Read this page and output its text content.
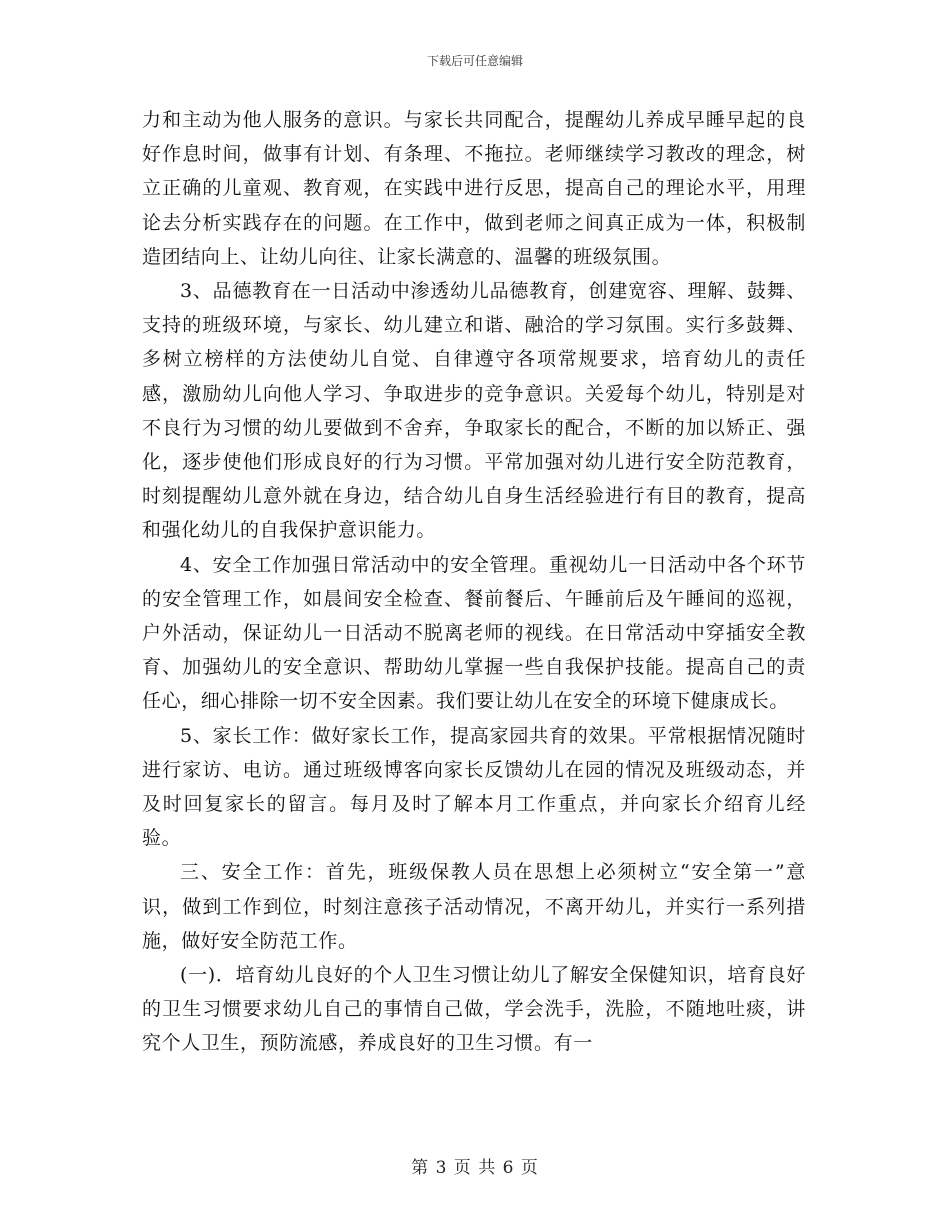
下载后可任意编辑

力和主动为他人服务的意识。与家长共同配合，提醒幼儿养成早睡早起的良好作息时间，做事有计划、有条理、不拖拉。老师继续学习教改的理念，树立正确的儿童观、教育观，在实践中进行反思，提高自己的理论水平，用理论去分析实践存在的问题。在工作中，做到老师之间真正成为一体，积极制造团结向上、让幼儿向往、让家长满意的、温馨的班级氛围。

3、品德教育在一日活动中渗透幼儿品德教育，创建宽容、理解、鼓舞、支持的班级环境，与家长、幼儿建立和谐、融洽的学习氛围。实行多鼓舞、多树立榜样的方法使幼儿自觉、自律遵守各项常规要求，培育幼儿的责任感，激励幼儿向他人学习、争取进步的竞争意识。关爱每个幼儿，特别是对不良行为习惯的幼儿要做到不舍弃，争取家长的配合，不断的加以矫正、强化，逐步使他们形成良好的行为习惯。平常加强对幼儿进行安全防范教育，时刻提醒幼儿意外就在身边，结合幼儿自身生活经验进行有目的教育，提高和强化幼儿的自我保护意识能力。

4、安全工作加强日常活动中的安全管理。重视幼儿一日活动中各个环节的安全管理工作，如晨间安全检查、餐前餐后、午睡前后及午睡间的巡视，户外活动，保证幼儿一日活动不脱离老师的视线。在日常活动中穿插安全教育、加强幼儿的安全意识、帮助幼儿掌握一些自我保护技能。提高自己的责任心，细心排除一切不安全因素。我们要让幼儿在安全的环境下健康成长。

5、家长工作：做好家长工作，提高家园共育的效果。平常根据情况随时进行家访、电访。通过班级博客向家长反馈幼儿在园的情况及班级动态，并及时回复家长的留言。每月及时了解本月工作重点，并向家长介绍育儿经验。

三、安全工作：首先，班级保教人员在思想上必须树立“安全第一”意识，做到工作到位，时刻注意孩子活动情况，不离开幼儿，并实行一系列措施，做好安全防范工作。

(一)．培育幼儿良好的个人卫生习惯让幼儿了解安全保健知识，培育良好的卫生习惯要求幼儿自己的事情自己做，学会洗手，洗脸，不随地吐痰，讲究个人卫生，预防流感，养成良好的卫生习惯。有一

第 3 页 共 6 页
